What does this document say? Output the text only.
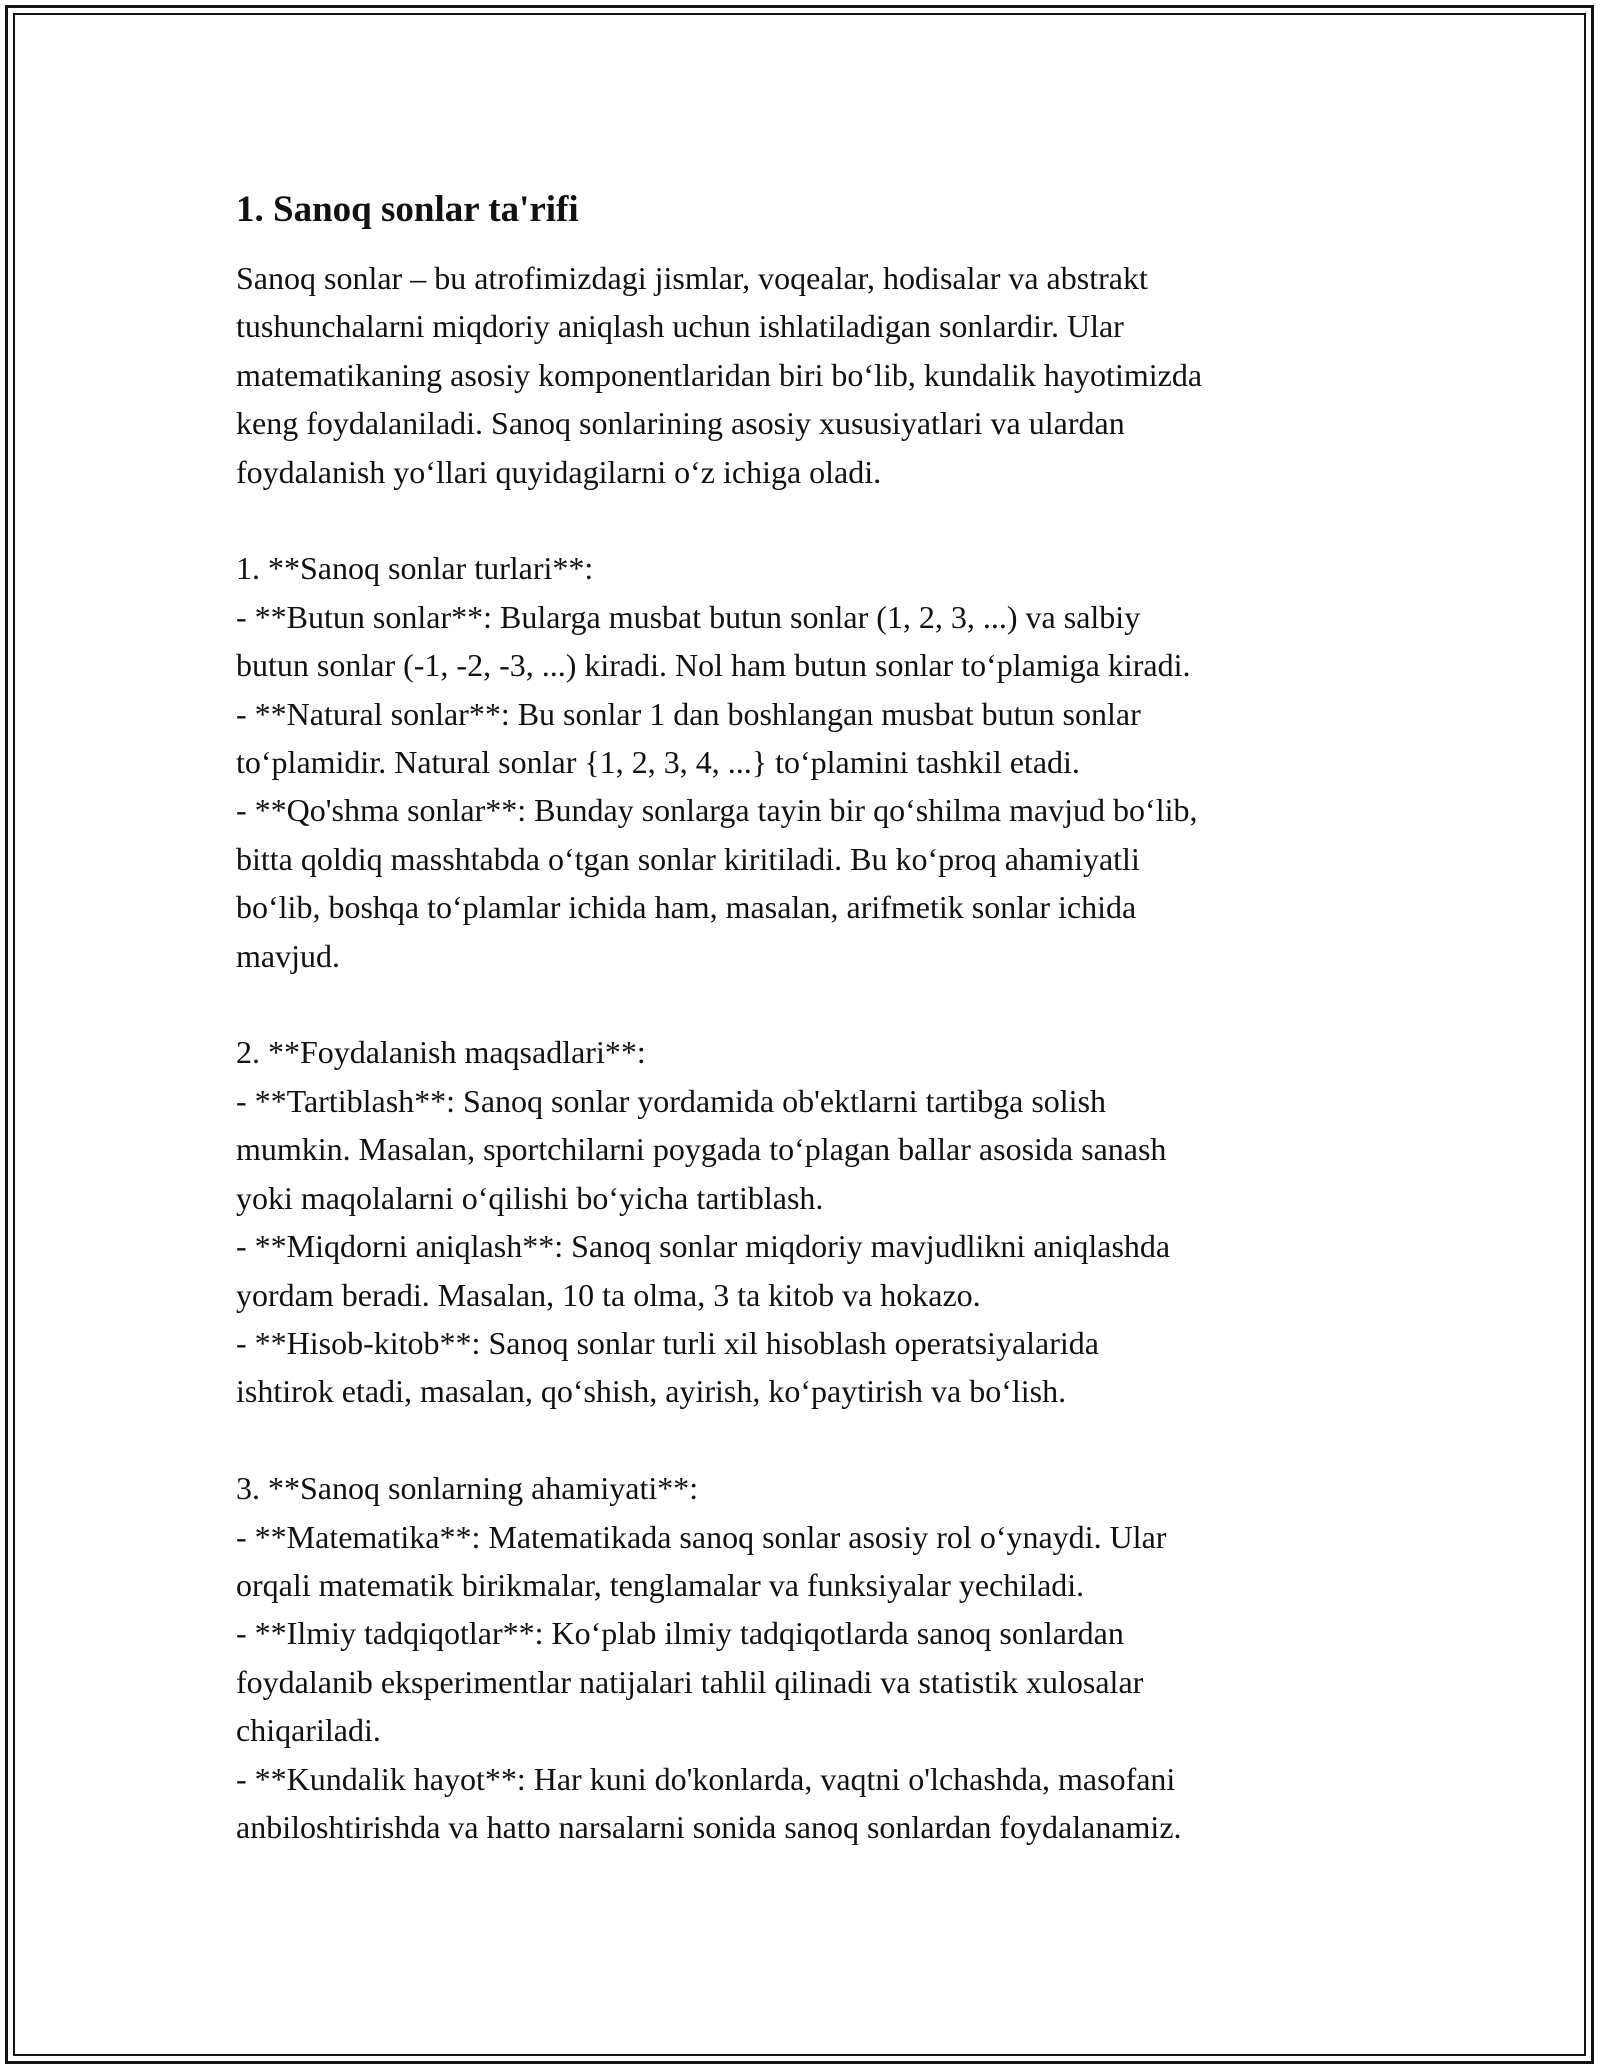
1. Sanoq sonlar ta'rifi

Sanoq sonlar – bu atrofimizdagi jismlar, voqealar, hodisalar va abstrakt
tushunchalarni miqdoriy aniqlash uchun ishlatiladigan sonlardir. Ular
matematikaning asosiy komponentlaridan biri bo‘lib, kundalik hayotimizda
keng foydalaniladi. Sanoq sonlarining asosiy xususiyatlari va ulardan
foydalanish yo‘llari quyidagilarni o‘z ichiga oladi.

1. **Sanoq sonlar turlari**:

- **Butun sonlar**: Bularga musbat butun sonlar (1, 2, 3, ...) va salbiy
butun sonlar (-1, -2, -3, ...) kiradi. Nol ham butun sonlar to‘plamiga kiradi.

- **Natural sonlar**: Bu sonlar 1 dan boshlangan musbat butun sonlar
to‘plamidir. Natural sonlar {1, 2, 3, 4, ...} to‘plamini tashkil etadi.

- **Qo'shma sonlar**: Bunday sonlarga tayin bir qo‘shilma mavjud bo‘lib,
bitta qoldiq masshtabda o‘tgan sonlar kiritiladi. Bu ko‘proq ahamiyatli
bo‘lib, boshqa to‘plamlar ichida ham, masalan, arifmetik sonlar ichida
mavjud.

2. **Foydalanish maqsadlari**:

- **Tartiblash**: Sanoq sonlar yordamida ob'ektlarni tartibga solish
mumkin. Masalan, sportchilarni poygada to‘plagan ballar asosida sanash
yoki maqolalarni o‘qilishi bo‘yicha tartiblash.

- **Miqdorni aniqlash**: Sanoq sonlar miqdoriy mavjudlikni aniqlashda
yordam beradi. Masalan, 10 ta olma, 3 ta kitob va hokazo.

- **Hisob-kitob**: Sanoq sonlar turli xil hisoblash operatsiyalarida
ishtirok etadi, masalan, qo‘shish, ayirish, ko‘paytirish va bo‘lish.

3. **Sanoq sonlarning ahamiyati**:

- **Matematika**: Matematikada sanoq sonlar asosiy rol o‘ynaydi. Ular
orqali matematik birikmalar, tenglamalar va funksiyalar yechiladi.

- **Ilmiy tadqiqotlar**: Ko‘plab ilmiy tadqiqotlarda sanoq sonlardan
foydalanib eksperimentlar natijalari tahlil qilinadi va statistik xulosalar
chiqariladi.

- **Kundalik hayot**: Har kuni do'konlarda, vaqtni o'lchashda, masofani
anbiloshtirishda va hatto narsalarni sonida sanoq sonlardan foydalanamiz.
